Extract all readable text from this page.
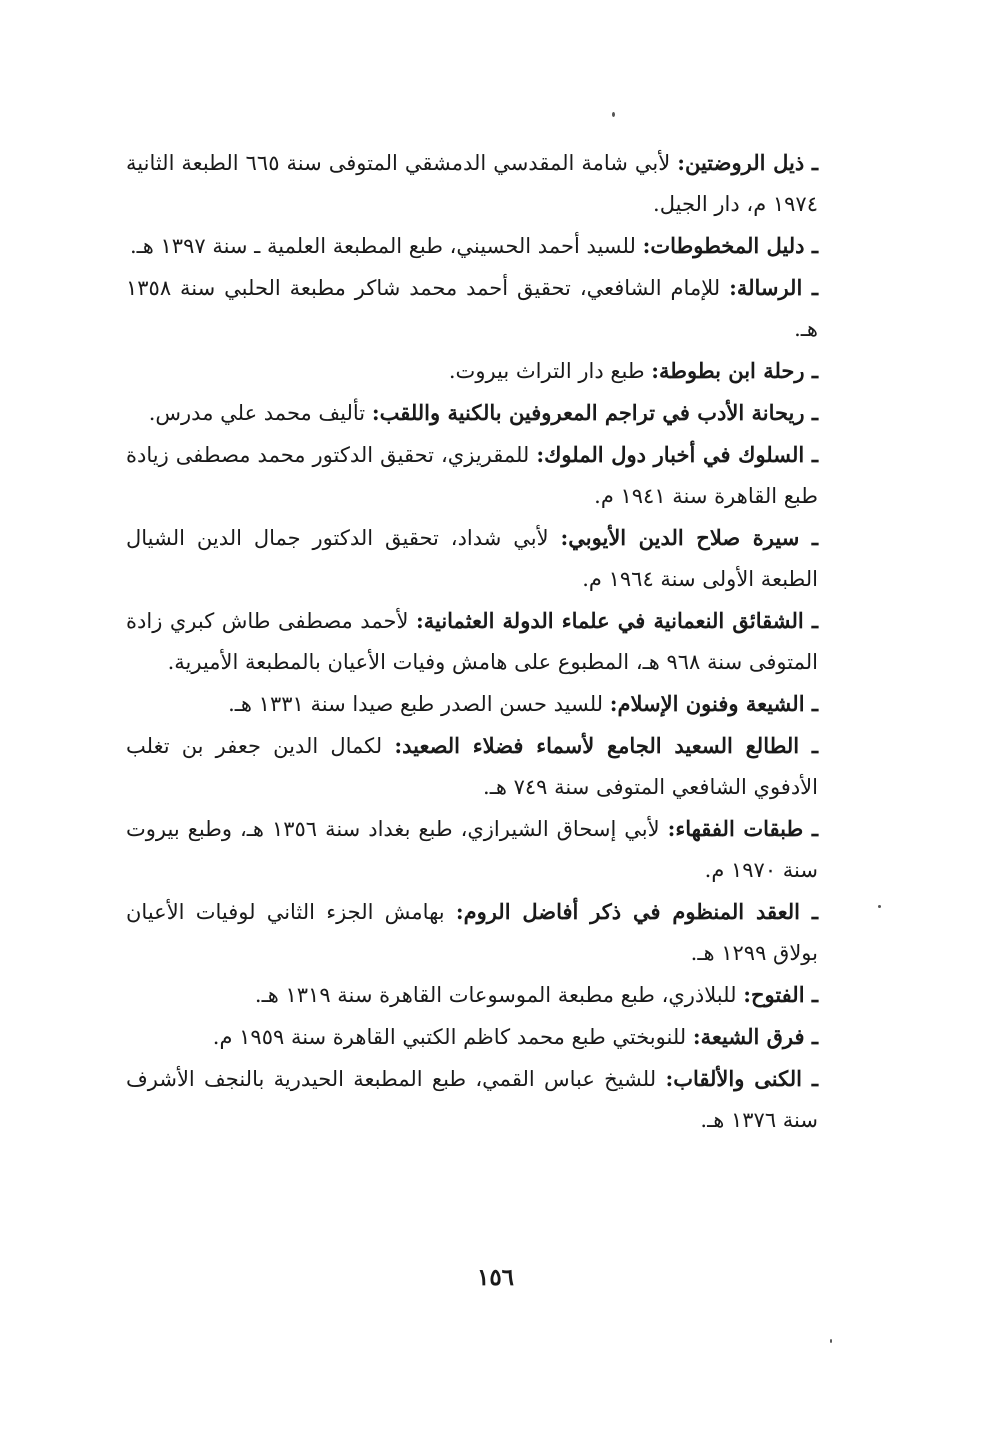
ـ ذيل الروضتين: لأبي شامة المقدسي الدمشقي المتوفى سنة ٦٦٥ الطبعة الثانية ١٩٧٤ م، دار الجيل.

ـ دليل المخطوطات: للسيد أحمد الحسيني، طبع المطبعة العلمية ـ سنة ١٣٩٧ هـ.

ـ الرسالة: للإمام الشافعي، تحقيق أحمد محمد شاكر مطبعة الحلبي سنة ١٣٥٨ هـ.

ـ رحلة ابن بطوطة: طبع دار التراث بيروت.

ـ ريحانة الأدب في تراجم المعروفين بالكنية واللقب: تأليف محمد علي مدرس.

ـ السلوك في أخبار دول الملوك: للمقريزي، تحقيق الدكتور محمد مصطفى زيادة طبع القاهرة سنة ١٩٤١ م.

ـ سيرة صلاح الدين الأيوبي: لأبي شداد، تحقيق الدكتور جمال الدين الشيال الطبعة الأولى سنة ١٩٦٤ م.

ـ الشقائق النعمانية في علماء الدولة العثمانية: لأحمد مصطفى طاش كبري زادة المتوفى سنة ٩٦٨ هـ، المطبوع على هامش وفيات الأعيان بالمطبعة الأميرية.

ـ الشيعة وفنون الإسلام: للسيد حسن الصدر طبع صيدا سنة ١٣٣١ هـ.

ـ الطالع السعيد الجامع لأسماء فضلاء الصعيد: لكمال الدين جعفر بن تغلب الأدفوي الشافعي المتوفى سنة ٧٤٩ هـ.

ـ طبقات الفقهاء: لأبي إسحاق الشيرازي، طبع بغداد سنة ١٣٥٦ هـ، وطبع بيروت سنة ١٩٧٠ م.

ـ العقد المنظوم في ذكر أفاضل الروم: بهامش الجزء الثاني لوفيات الأعيان بولاق ١٢٩٩ هـ.

ـ الفتوح: للبلاذري، طبع مطبعة الموسوعات القاهرة سنة ١٣١٩ هـ.

ـ فرق الشيعة: للنوبختي طبع محمد كاظم الكتبي القاهرة سنة ١٩٥٩ م.

ـ الكنى والألقاب: للشيخ عباس القمي، طبع المطبعة الحيدرية بالنجف الأشرف سنة ١٣٧٦ هـ.

١٥٦
